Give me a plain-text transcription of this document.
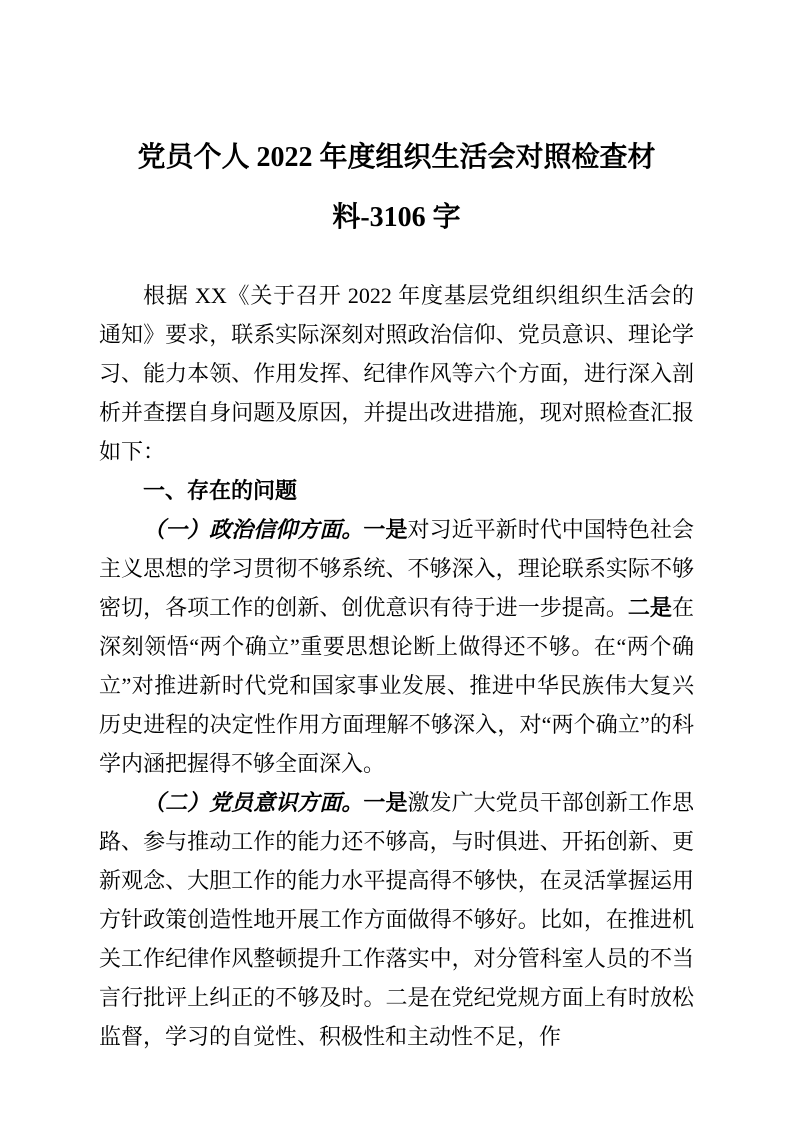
党员个人 2022 年度组织生活会对照检查材料-3106 字

根据 XX《关于召开 2022 年度基层党组织组织生活会的通知》要求，联系实际深刻对照政治信仰、党员意识、理论学习、能力本领、作用发挥、纪律作风等六个方面，进行深入剖析并查摆自身问题及原因，并提出改进措施，现对照检查汇报如下：

一、存在的问题

（一）政治信仰方面。一是对习近平新时代中国特色社会主义思想的学习贯彻不够系统、不够深入，理论联系实际不够密切，各项工作的创新、创优意识有待于进一步提高。二是在深刻领悟“两个确立”重要思想论断上做得还不够。在“两个确立”对推进新时代党和国家事业发展、推进中华民族伟大复兴历史进程的决定性作用方面理解不够深入，对“两个确立”的科学内涵把握得不够全面深入。

（二）党员意识方面。一是激发广大党员干部创新工作思路、参与推动工作的能力还不够高，与时俱进、开拓创新、更新观念、大胆工作的能力水平提高得不够快，在灵活掌握运用方针政策创造性地开展工作方面做得不够好。比如，在推进机关工作纪律作风整顿提升工作落实中，对分管科室人员的不当言行批评上纠正的不够及时。二是在党纪党规方面上有时放松监督，学习的自觉性、积极性和主动性不足，作
